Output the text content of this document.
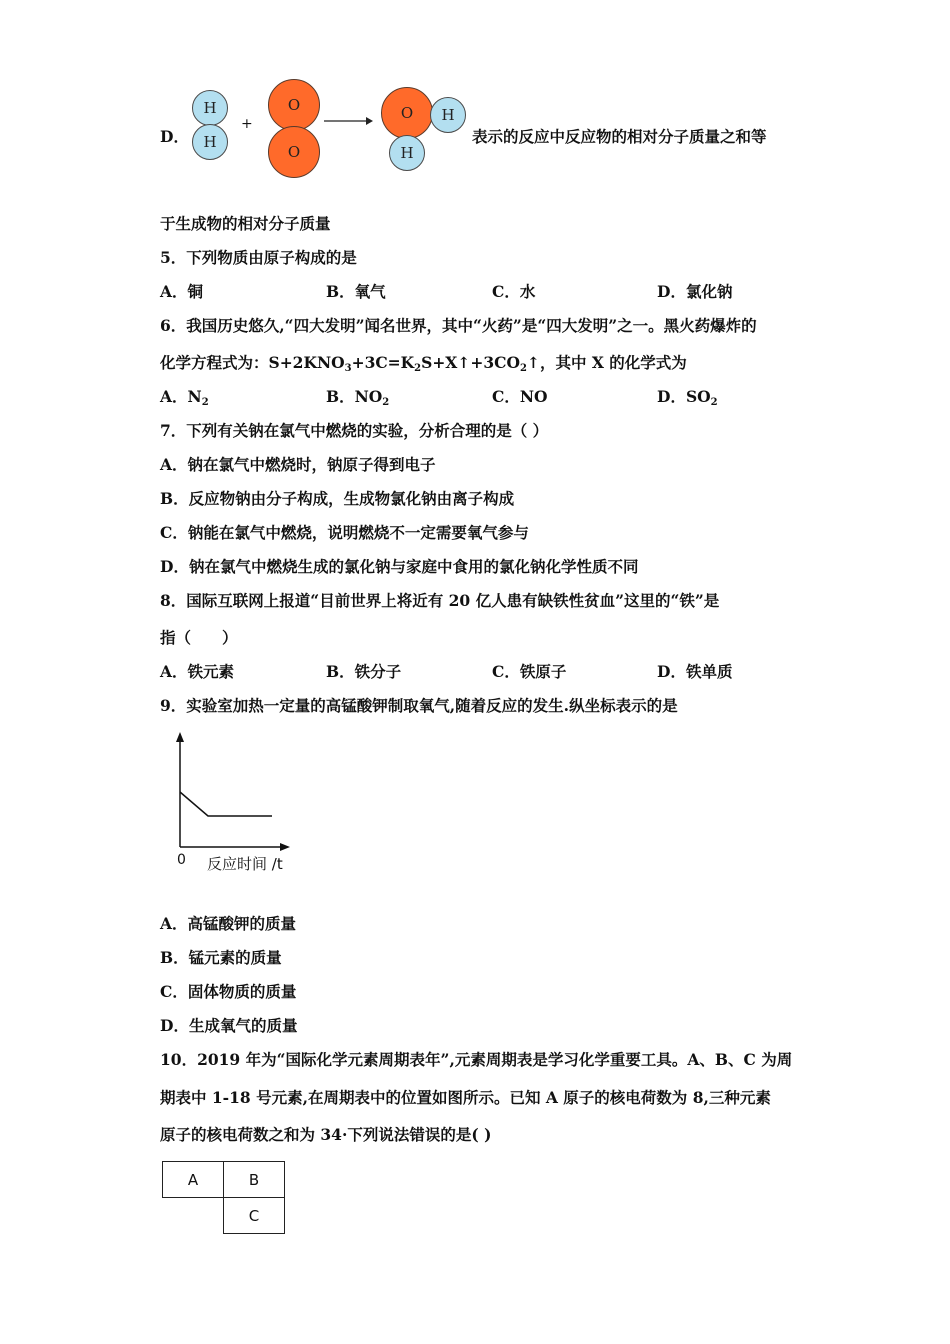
D．
H
H
+
O
O
O	H
H
表示的反应中反应物的相对分子质量之和等
于生成物的相对分子质量
5．下列物质由原子构成的是
A．铜	B．氧气	C．水	D．氯化钠
6．我国历史悠久,“四大发明”闻名世界，其中“火药”是“四大发明”之一。黑火药爆炸的
化学方程式为：$S+2KNO_3+3C=K_2S+X↑+3CO_2↑$，其中 X 的化学式为
A．$N_2$	B．$NO_2$	C．NO	D．$SO_2$
7．下列有关钠在氯气中燃烧的实验，分析合理的是（ ）
A．钠在氯气中燃烧时，钠原子得到电子
B．反应物钠由分子构成，生成物氯化钠由离子构成
C．钠能在氯气中燃烧，说明燃烧不一定需要氧气参与
D．钠在氯气中燃烧生成的氯化钠与家庭中食用的氯化钠化学性质不同
8．国际互联网上报道“目前世界上将近有 20 亿人患有缺铁性贫血”这里的“铁”是
指（　　）
A．铁元素	B．铁分子	C．铁原子	D．铁单质
9．实验室加热一定量的高锰酸钾制取氧气,随着反应的发生.纵坐标表示的是
0 反应时间 /t
A．高锰酸钾的质量
B．锰元素的质量
C．固体物质的质量
D．生成氧气的质量
10．2019 年为“国际化学元素周期表年”,元素周期表是学习化学重要工具。A、B、C 为周
期表中 1-18 号元素,在周期表中的位置如图所示。已知 A 原子的核电荷数为 8,三种元素
原子的核电荷数之和为 34·下列说法错误的是( )
A	B
	C
